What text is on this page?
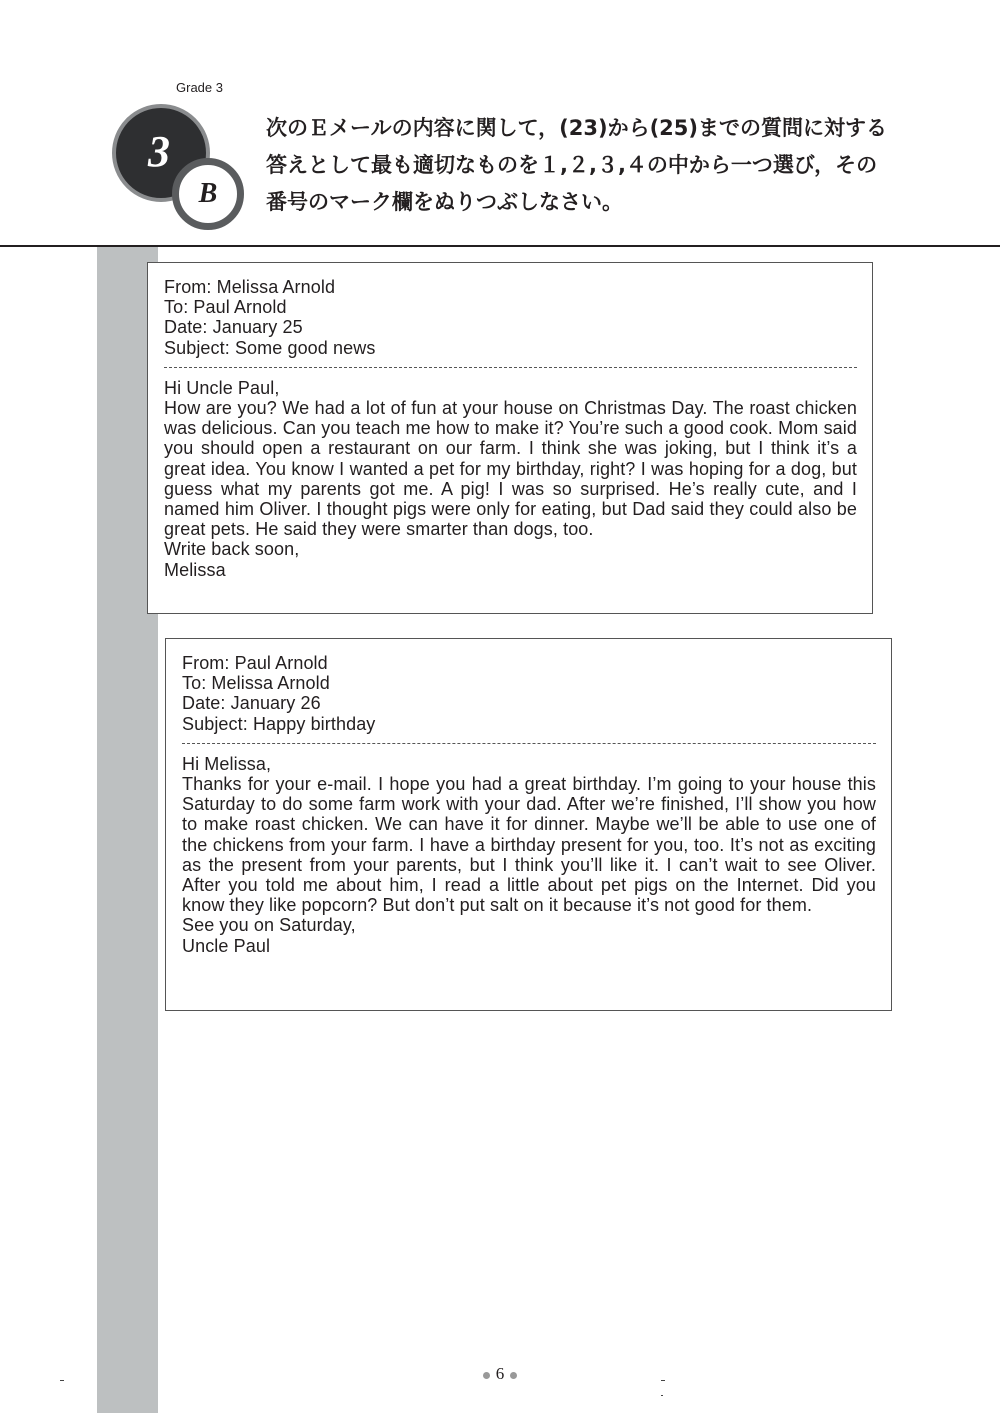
Grade 3
3
B
次のＥメールの内容に関して，(23)から(25)までの質問に対する答えとして最も適切なものを１,２,３,４の中から一つ選び，その番号のマーク欄をぬりつぶしなさい。
From: Melissa Arnold
To: Paul Arnold
Date: January 25
Subject: Some good news
Hi Uncle Paul,
How are you? We had a lot of fun at your house on Christmas Day. The roast chicken was delicious. Can you teach me how to make it? You’re such a good cook. Mom said you should open a restaurant on our farm. I think she was joking, but I think it’s a great idea. You know I wanted a pet for my birthday, right? I was hoping for a dog, but guess what my parents got me. A pig! I was so surprised. He’s really cute, and I named him Oliver. I thought pigs were only for eating, but Dad said they could also be great pets. He said they were smarter than dogs, too.
Write back soon,
Melissa
From: Paul Arnold
To: Melissa Arnold
Date: January 26
Subject: Happy birthday
Hi Melissa,
Thanks for your e-mail. I hope you had a great birthday. I’m going to your house this Saturday to do some farm work with your dad. After we’re finished, I’ll show you how to make roast chicken. We can have it for dinner. Maybe we’ll be able to use one of the chickens from your farm. I have a birthday present for you, too. It’s not as exciting as the present from your parents, but I think you’ll like it. I can’t wait to see Oliver. After you told me about him, I read a little about pet pigs on the Internet. Did you know they like popcorn? But don’t put salt on it because it’s not good for them.
See you on Saturday,
Uncle Paul
6
